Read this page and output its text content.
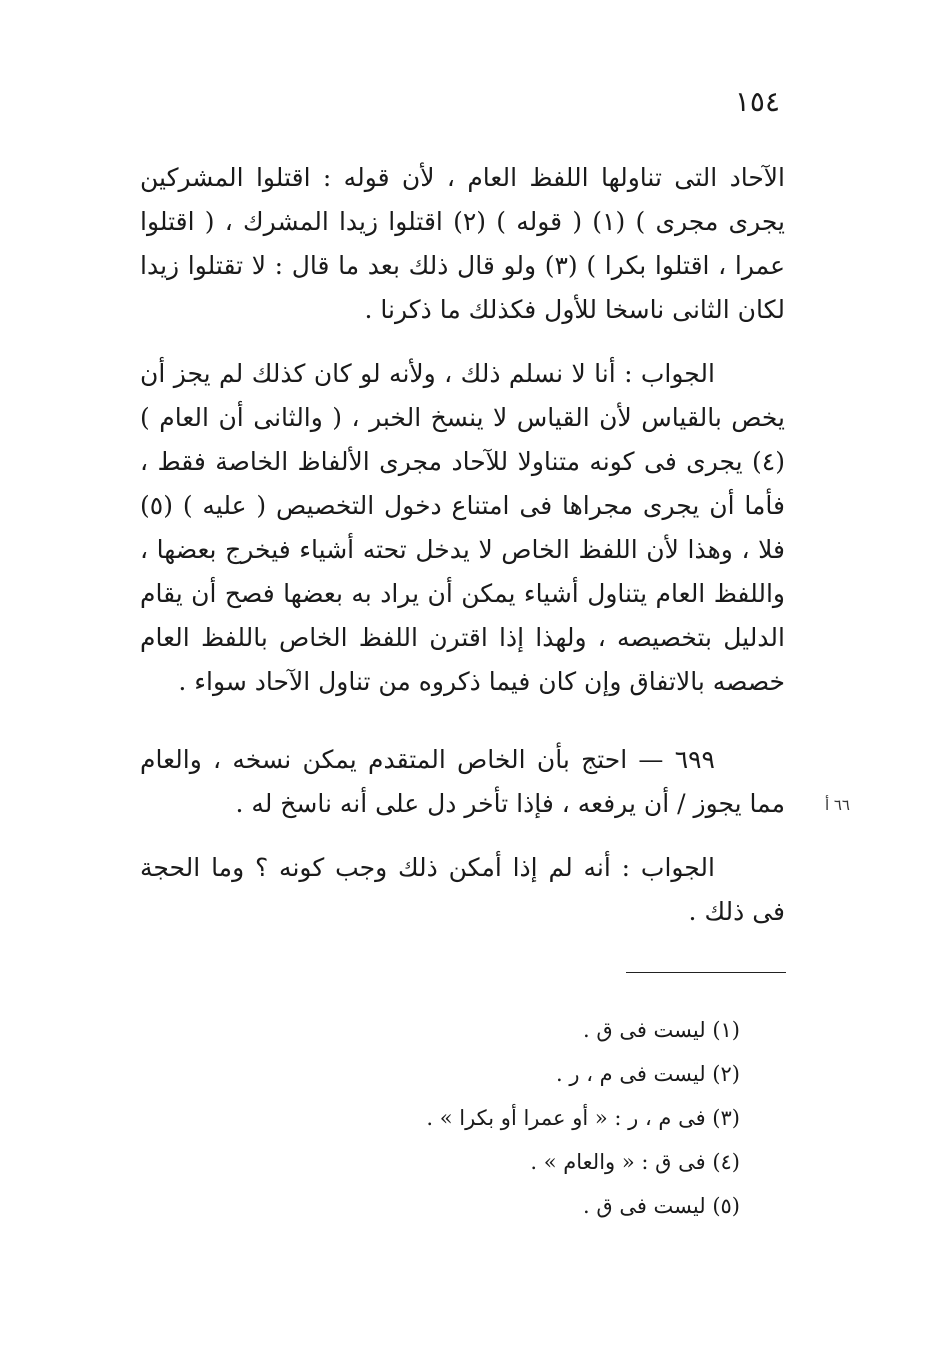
١٥٤

الآحاد التى تناولها اللفظ العام ، لأن قوله : اقتلوا المشركين يجرى مجرى ) (١) ( قوله ) (٢) اقتلوا زيدا المشرك ، ( اقتلوا عمرا ، اقتلوا بكرا ) (٣) ولو قال ذلك بعد ما قال : لا تقتلوا زيدا لكان الثانى ناسخا للأول فكذلك ما ذكرنا .

الجواب : أنا لا نسلم ذلك ، ولأنه لو كان كذلك لم يجز أن يخص بالقياس لأن القياس لا ينسخ الخبر ، ( والثانى أن العام ) (٤) يجرى فى كونه متناولا للآحاد مجرى الألفاظ الخاصة فقط ، فأما أن يجرى مجراها فى امتناع دخول التخصيص ( عليه ) (٥) فلا ، وهذا لأن اللفظ الخاص لا يدخل تحته أشياء فيخرج بعضها ، واللفظ العام يتناول أشياء يمكن أن يراد به بعضها فصح أن يقام الدليل بتخصيصه ، ولهذا إذا اقترن اللفظ الخاص باللفظ العام خصصه بالاتفاق وإن كان فيما ذكروه من تناول الآحاد سواء .

٦٩٩ — احتج بأن الخاص المتقدم يمكن نسخه ، والعام مما يجوز / أن يرفعه ، فإذا تأخر دل على أنه ناسخ له .	٦٦ أ

الجواب : أنه لم إذا أمكن ذلك وجب كونه ؟ وما الحجة فى ذلك .

(١) ليست فى ق .
(٢) ليست فى م ، ر .
(٣) فى م ، ر : « أو عمرا أو بكرا » .
(٤) فى ق : « والعام » .
(٥) ليست فى ق .
